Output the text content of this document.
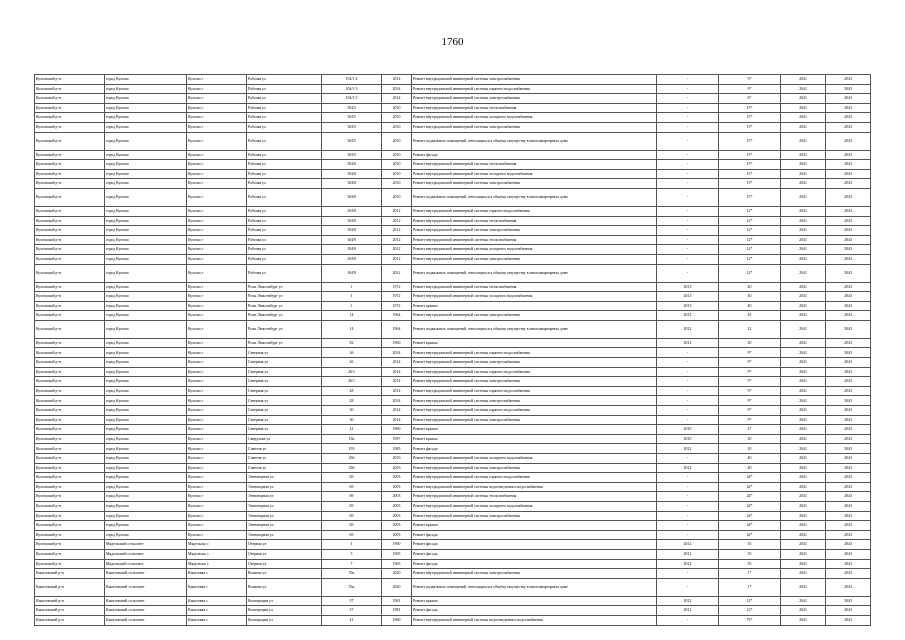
1760
Кулешский р-н	город Кулешо	Кулешо г	Рабочая ул	104/1.4	2014	Ремонт внутридомовой инженерной системы электроснабжения	-	9*	2041	2043
Кулешский р-н	город Кулешо	Кулешо г	Рабочая ул	104/1.5	2014	Ремонт внутридомовой инженерной системы горячего водоснабжения	-	9*	2041	2043
Кулешский р-н	город Кулешо	Кулешо г	Рабочая ул	104/1.5	2014	Ремонт внутридомовой инженерной системы электроснабжения	-	6*	2041	2043
Кулешский р-н	город Кулешо	Кулешо г	Рабочая ул	104/5	2010	Ремонт внутридомовой инженерной системы теплоснабжения	-	15*	2041	2043
Кулешский р-н	город Кулешо	Кулешо г	Рабочая ул	104/5	2010	Ремонт внутридомовой инженерной системы холодного водоснабжения	-	15*	2041	2043
Кулешский р-н	город Кулешо	Кулешо г	Рабочая ул	104/5	2010	Ремонт внутридомовой инженерной системы электроснабжения	-	15*	2041	2043
Кулешский р-н	город Кулешо	Кулешо г	Рабочая ул	104/5	2010	Ремонт подвальных помещений, относящихся к общему имуществу в многоквартирном доме	-	15*	2041	2043
Кулешский р-н	город Кулешо	Кулешо г	Рабочая ул	104/5	2010	Ремонт фасада	-	15*	2041	2043
Кулешский р-н	город Кулешо	Кулешо г	Рабочая ул	104/6	2010	Ремонт внутридомовой инженерной системы теплоснабжения	-	15*	2041	2043
Кулешский р-н	город Кулешо	Кулешо г	Рабочая ул	104/6	2010	Ремонт внутридомовой инженерной системы холодного водоснабжения	-	15*	2041	2043
Кулешский р-н	город Кулешо	Кулешо г	Рабочая ул	104/6	2010	Ремонт внутридомовой инженерной системы электроснабжения	-	15*	2041	2043
Кулешский р-н	город Кулешо	Кулешо г	Рабочая ул	104/6	2010	Ремонт подвальных помещений, относящихся к общему имуществу в многоквартирном доме	-	15*	2041	2043
Кулешский р-н	город Кулешо	Кулешо г	Рабочая ул	104/8	2012	Ремонт внутридомовой инженерной системы горячего водоснабжения	-	12*	2041	2043
Кулешский р-н	город Кулешо	Кулешо г	Рабочая ул	104/8	2012	Ремонт внутридомовой инженерной системы теплоснабжения	-	12*	2041	2043
Кулешский р-н	город Кулешо	Кулешо г	Рабочая ул	104/8	2012	Ремонт внутридомовой инженерной системы электроснабжения	-	12*	2041	2043
Кулешский р-н	город Кулешо	Кулешо г	Рабочая ул	104/9	2012	Ремонт внутридомовой инженерной системы теплоснабжения	-	12*	2041	2043
Кулешский р-н	город Кулешо	Кулешо г	Рабочая ул	104/9	2012	Ремонт внутридомовой инженерной системы холодного водоснабжения	-	12*	2041	2043
Кулешский р-н	город Кулешо	Кулешо г	Рабочая ул	104/9	2012	Ремонт внутридомовой инженерной системы электроснабжения	-	12*	2041	2043
Кулешский р-н	город Кулешо	Кулешо г	Рабочая ул	104/9	2012	Ремонт подвальных помещений, относящихся к общему имуществу в многоквартирном доме	-	12*	2041	2043
Кулешский р-н	город Кулешо	Кулешо г	Розы Люксембург ул	1	1972	Ремонт внутридомовой инженерной системы теплоснабжения	2013	40	2041	2043
Кулешский р-н	город Кулешо	Кулешо г	Розы Люксембург ул	1	1972	Ремонт внутридомовой инженерной системы холодного водоснабжения	2013	40	2041	2043
Кулешский р-н	город Кулешо	Кулешо г	Розы Люксембург ул	1	1972	Ремонт крыши	2013	40	2041	2043
Кулешский р-н	город Кулешо	Кулешо г	Розы Люксембург ул	14	1964	Ремонт внутридомовой инженерной системы электроснабжения	2012	45	2041	2043
Кулешский р-н	город Кулешо	Кулешо г	Розы Люксембург ул	14	1964	Ремонт подвальных помещений, относящихся к общему имуществу в многоквартирном доме	2012	22	2041	2043
Кулешский р-н	город Кулешо	Кулешо г	Розы Люксембург ул	82	1960	Ремонт крыши	2012	20	2041	2043
Кулешский р-н	город Кулешо	Кулешо г	Северная ул	26	2014	Ремонт внутридомовой инженерной системы горячего водоснабжения	-	9*	2041	2043
Кулешский р-н	город Кулешо	Кулешо г	Северная ул	26	2014	Ремонт внутридомовой инженерной системы электроснабжения	-	9*	2041	2043
Кулешский р-н	город Кулешо	Кулешо г	Северная ул	26/1	2014	Ремонт внутридомовой инженерной системы горячего водоснабжения	-	9*	2041	2043
Кулешский р-н	город Кулешо	Кулешо г	Северная ул	26/1	2014	Ремонт внутридомовой инженерной системы электроснабжения	-	9*	2041	2043
Кулешский р-н	город Кулешо	Кулешо г	Северная ул	28	2014	Ремонт внутридомовой инженерной системы горячего водоснабжения	-	9*	2041	2043
Кулешский р-н	город Кулешо	Кулешо г	Северная ул	28	2014	Ремонт внутридомовой инженерной системы электроснабжения	-	9*	2041	2043
Кулешский р-н	город Кулешо	Кулешо г	Северная ул	30	2014	Ремонт внутридомовой инженерной системы горячего водоснабжения	-	9*	2041	2043
Кулешский р-н	город Кулешо	Кулешо г	Северная ул	30	2014	Ремонт внутридомовой инженерной системы электроснабжения	-	9*	2041	2043
Кулешский р-н	город Кулешо	Кулешо г	Северная ул	41	1960	Ремонт крыши	2010	47	2041	2043
Кулешский р-н	город Кулешо	Кулешо г	Свердлова ул	18а	1987	Ремонт крыши	2010	20	2041	2043
Кулешский р-н	город Кулешо	Кулешо г	Советов ул	193	1985	Ремонт фасада	2012	20	2041	2043
Кулешский р-н	город Кулешо	Кулешо г	Советов ул	236	2016	Ремонт внутридомовой инженерной системы холодного водоснабжения	-	40	2041	2043
Кулешский р-н	город Кулешо	Кулешо г	Советов ул	236	2016	Ремонт внутридомовой инженерной системы электроснабжения	2012	40	2041	2043
Кулешский р-н	город Кулешо	Кулешо г	Элеваторная ул	69	2003	Ремонт внутридомовой инженерной системы горячего водоснабжения	-	24*	2041	2043
Кулешский р-н	город Кулешо	Кулешо г	Элеваторная ул	69	2003	Ремонт внутридомовой инженерной системы водоотведения и водоснабжения	-	24*	2041	2043
Кулешский р-н	город Кулешо	Кулешо г	Элеваторная ул	69	2003	Ремонт внутридомовой инженерной системы теплоснабжения	-	24*	2041	2043
Кулешский р-н	город Кулешо	Кулешо г	Элеваторная ул	69	2003	Ремонт внутридомовой инженерной системы холодного водоснабжения	-	24*	2041	2043
Кулешский р-н	город Кулешо	Кулешо г	Элеваторная ул	69	2003	Ремонт внутридомовой инженерной системы электроснабжения	-	24*	2041	2043
Кулешский р-н	город Кулешо	Кулешо г	Элеваторная ул	69	2003	Ремонт крыши	-	24*	2041	2043
Кулешский р-н	город Кулешо	Кулешо г	Элеваторная ул	69	2003	Ремонт фасада	-	24*	2041	2043
Кулешский р-н	Мядельский сельсовет	Мядельско с	Озерная ул	1	1960	Ремонт фасада	2012	35	2041	2043
Кулешский р-н	Мядельский сельсовет	Мядельско с	Озерная ул	5	1965	Ремонт фасада	2012	35	2041	2043
Кулешский р-н	Мядельский сельсовет	Мядельско с	Озерная ул	7	1965	Ремонт фасада	2012	35	2041	2043
Кыштовский р-н	Кыштовский сельсовет	Кыштовка с	Волкова ул	55к	2020	Ремонт внутридомовой инженерной системы электроснабжения	-	1*	2041	2043
Кыштовский р-н	Кыштовский сельсовет	Кыштовка с	Волкова ул	55к	2020	Ремонт подвальных помещений, относящихся к общему имуществу в многоквартирном доме	-	1*	2041	2043
Кыштовский р-н	Кыштовский сельсовет	Кыштовка с	Кооперации ул	37	1981	Ремонт крыши	2012	12*	2041	2043
Кыштовский р-н	Кыштовский сельсовет	Кыштовка с	Кооперации ул	37	1981	Ремонт фасада	2012	12*	2041	2043
Кыштовский р-н	Кыштовский сельсовет	Кыштовка с	Кооперации ул	41	1960	Ремонт внутридомовой инженерной системы водоотведения и водоснабжения	-	73*	2041	2043
